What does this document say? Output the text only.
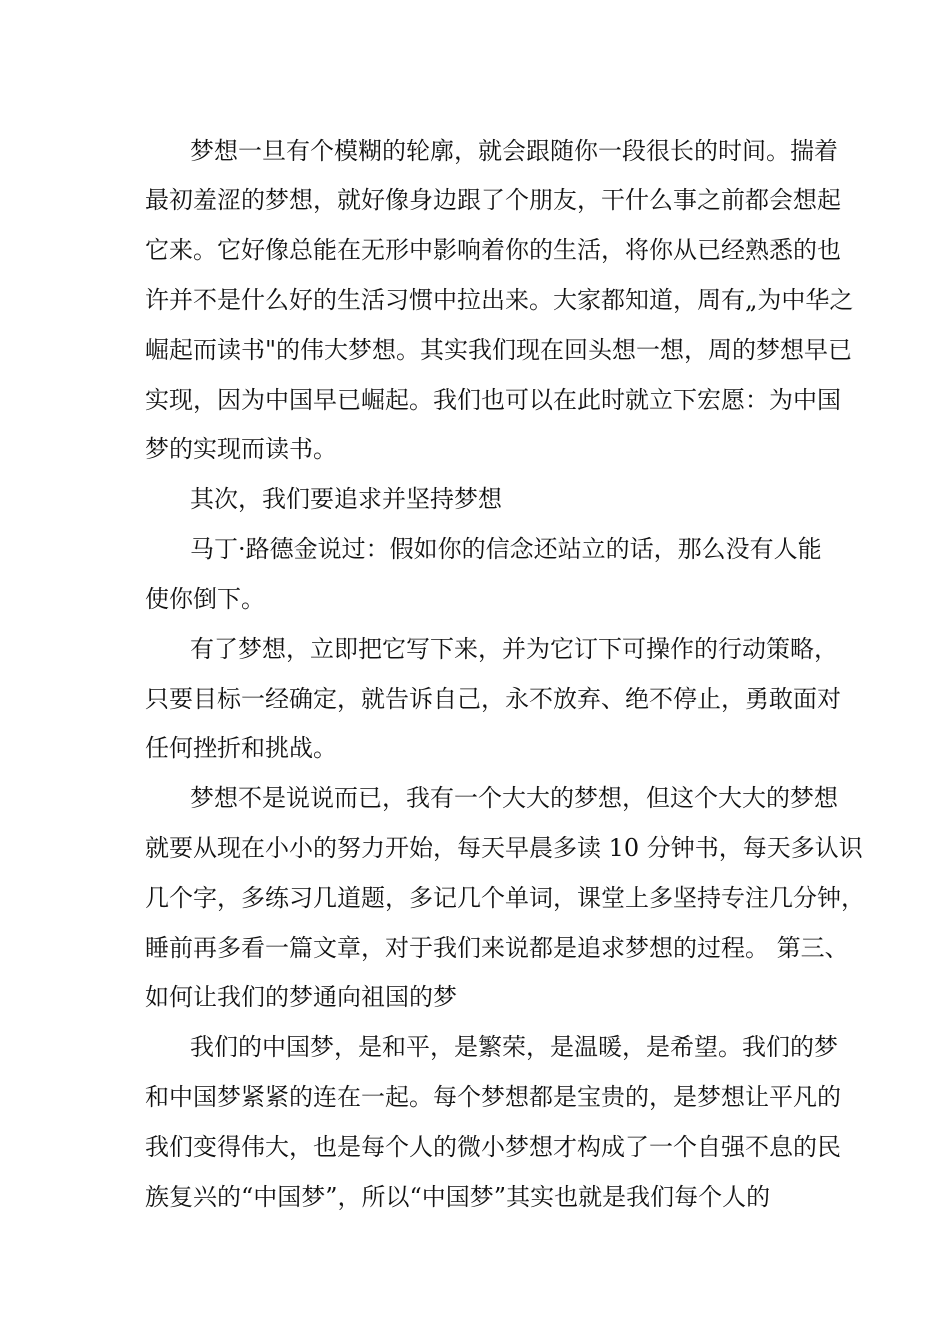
梦想一旦有个模糊的轮廓，就会跟随你一段很长的时间。揣着
最初羞涩的梦想，就好像身边跟了个朋友，干什么事之前都会想起
它来。它好像总能在无形中影响着你的生活，将你从已经熟悉的也
许并不是什么好的生活习惯中拉出来。大家都知道，周有„为中华之
崛起而读书"的伟大梦想。其实我们现在回头想一想，周的梦想早已
实现，因为中国早已崛起。我们也可以在此时就立下宏愿：为中国
梦的实现而读书。
其次，我们要追求并坚持梦想
马丁·路德金说过：假如你的信念还站立的话，那么没有人能
使你倒下。
有了梦想，立即把它写下来，并为它订下可操作的行动策略，
只要目标一经确定，就告诉自己，永不放弃、绝不停止，勇敢面对
任何挫折和挑战。
梦想不是说说而已，我有一个大大的梦想，但这个大大的梦想
就要从现在小小的努力开始，每天早晨多读 10 分钟书，每天多认识
几个字，多练习几道题，多记几个单词，课堂上多坚持专注几分钟，
睡前再多看一篇文章，对于我们来说都是追求梦想的过程。 第三、
如何让我们的梦通向祖国的梦
我们的中国梦，是和平，是繁荣，是温暖，是希望。我们的梦
和中国梦紧紧的连在一起。每个梦想都是宝贵的，是梦想让平凡的
我们变得伟大，也是每个人的微小梦想才构成了一个自强不息的民
族复兴的“中国梦”，所以“中国梦”其实也就是我们每个人的
